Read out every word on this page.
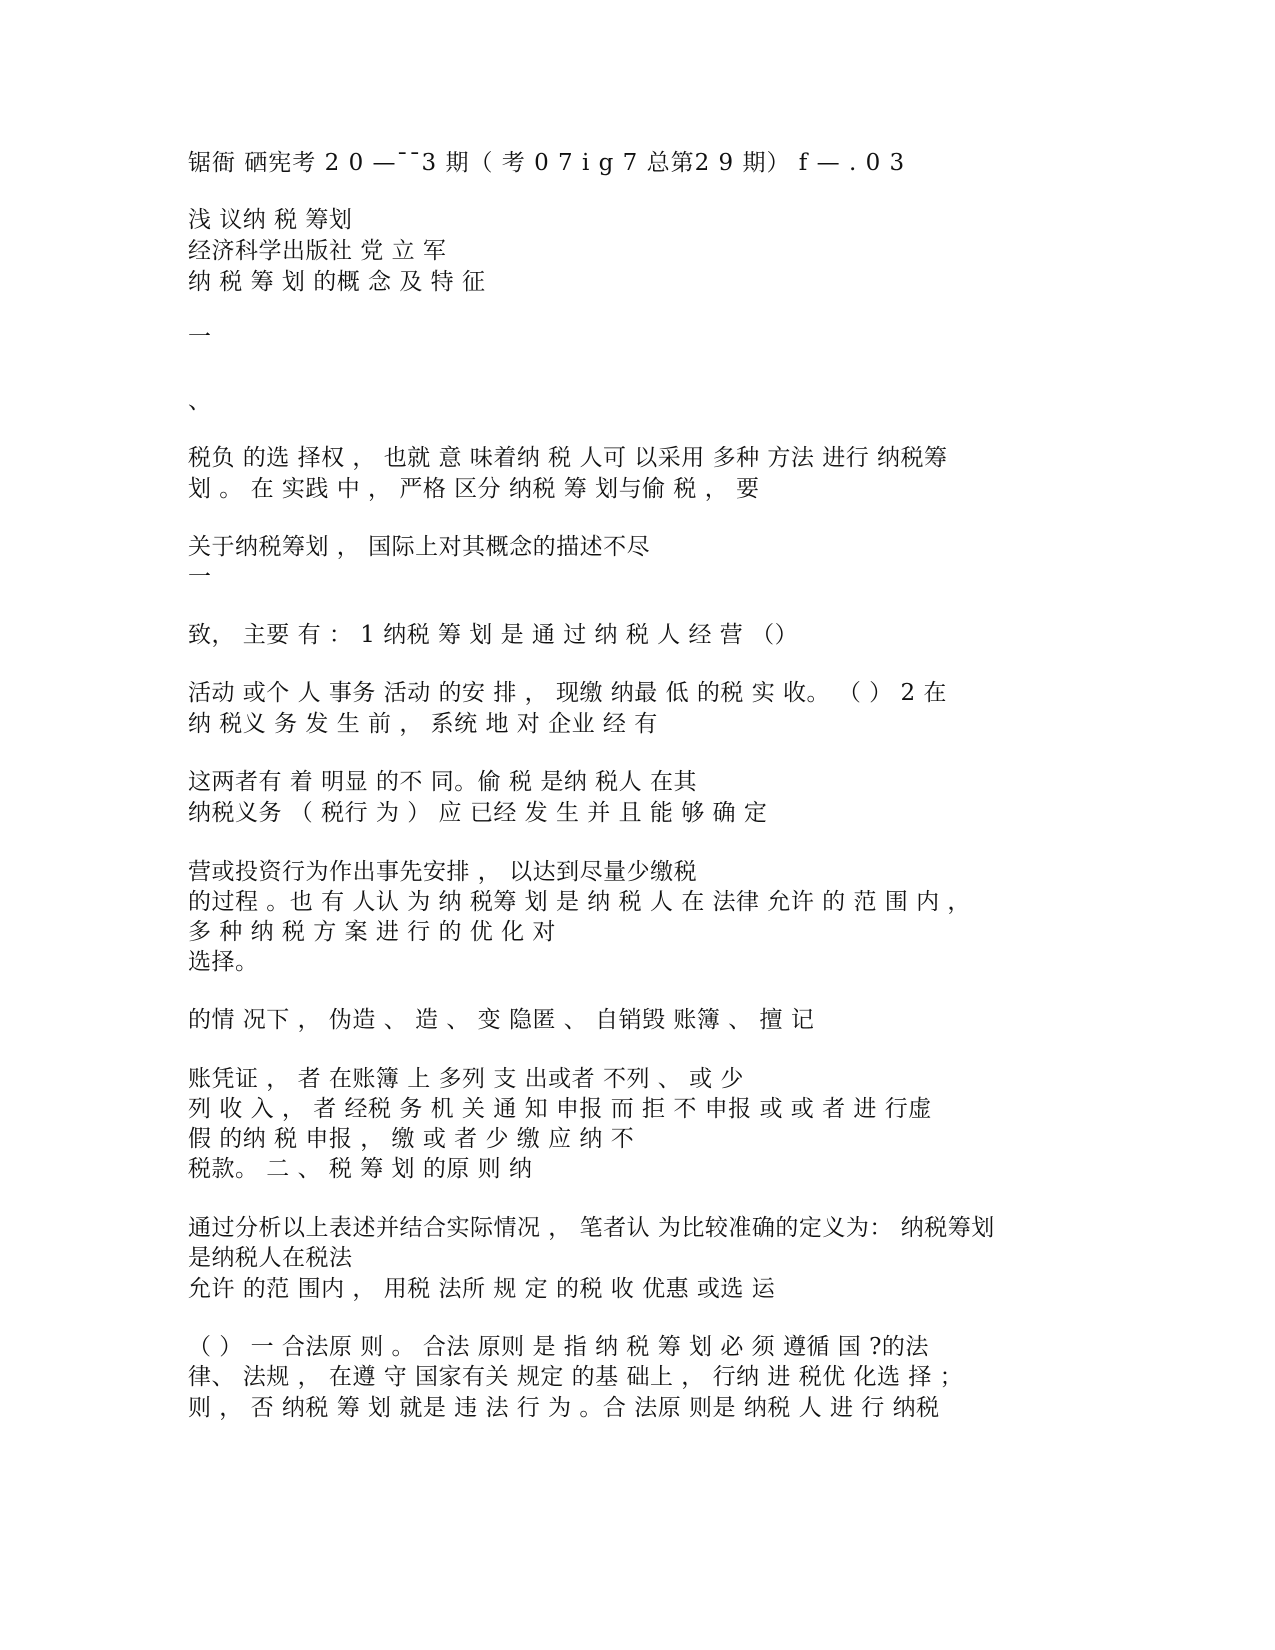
锯衙 硒宪考 2 0 —¯¯3 期（ 考 0 7 i g 7 总第2 9 期） f — . 0 3
浅 议纳 税 筹划
经济科学出版社 党 立 军
纳 税 筹 划 的概 念 及 特 征
一
、
税负 的选 择权 ， 也就 意 味着纳 税 人可 以采用 多种 方法 进行 纳税筹
划 。 在 实践 中 ， 严格 区分 纳税 筹 划与偷 税 ， 要
关于纳税筹划 ， 国际上对其概念的描述不尽
一
致， 主要 有 ： 1 纳税 筹 划 是 通 过 纳 税 人 经 营 （）
活动 或个 人 事务 活动 的安 排 ， 现缴 纳最 低 的税 实 收。 （ ） 2 在
纳 税义 务 发 生 前 ， 系统 地 对 企业 经 有
这两者有 着 明显 的不 同。偷 税 是纳 税人 在其
纳税义务 （ 税行 为 ） 应 已经 发 生 并 且 能 够 确 定
营或投资行为作出事先安排 ， 以达到尽量少缴税
的过程 。也 有 人认 为 纳 税筹 划 是 纳 税 人 在 法律 允许 的 范 围 内 ，
多 种 纳 税 方 案 进 行 的 优 化 对
选择。
的情 况下 ， 伪造 、 造 、 变 隐匿 、 自销毁 账簿 、 擅 记
账凭证 ， 者 在账簿 上 多列 支 出或者 不列 、 或 少
列 收 入 ， 者 经税 务 机 关 通 知 申报 而 拒 不 申报 或 或 者 进 行虚
假 的纳 税 申报 ， 缴 或 者 少 缴 应 纳 不
税款。 二 、 税 筹 划 的原 则 纳
通过分析以上表述并结合实际情况 ， 笔者认 为比较准确的定义为： 纳税筹划
是纳税人在税法
允许 的范 围内 ， 用税 法所 规 定 的税 收 优惠 或选 运
（ ） 一 合法原 则 。 合法 原则 是 指 纳 税 筹 划 必 须 遵循 国 ?的法
律、 法规 ， 在遵 守 国家有关 规定 的基 础上 ， 行纳 进 税优 化选 择 ；
则 ， 否 纳税 筹 划 就是 违 法 行 为 。合 法原 则是 纳税 人 进 行 纳税
